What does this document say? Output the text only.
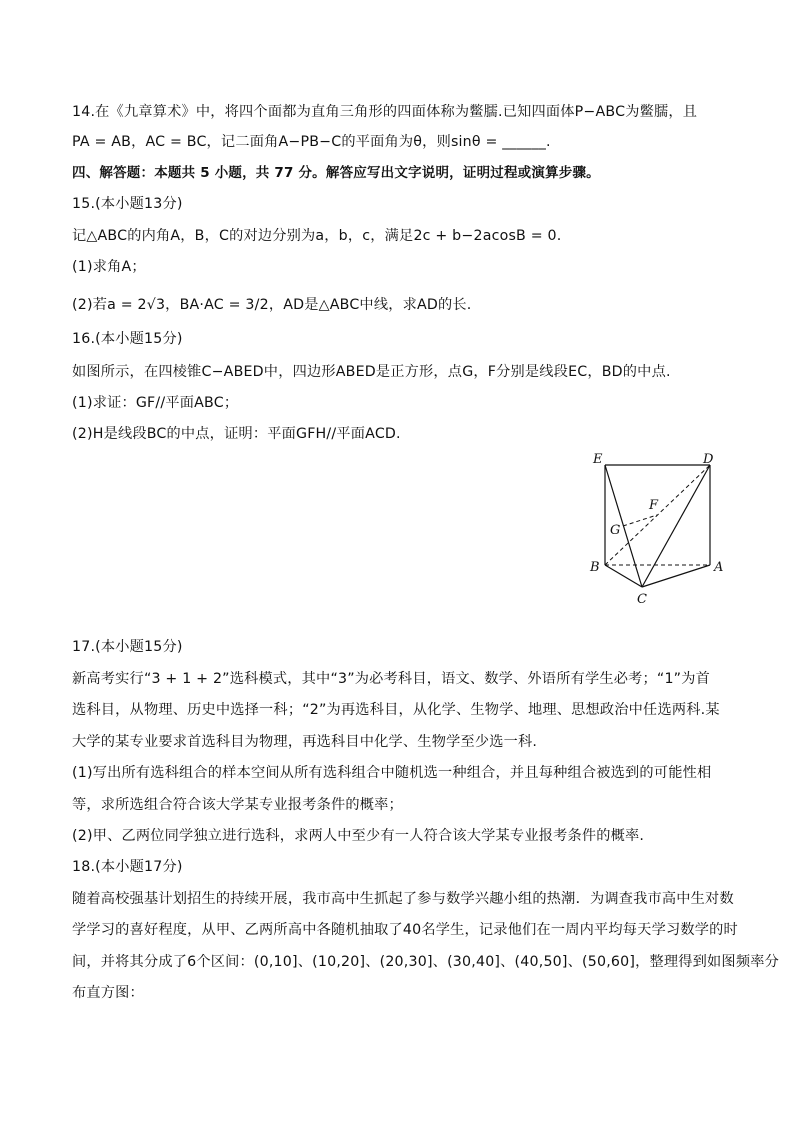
14.在《九章算术》中，将四个面都为直角三角形的四面体称为鳖臑.已知四面体P−ABC为鳖臑，且
PA = AB，AC = BC，记二面角A−PB−C的平面角为θ，则sinθ = ______.
四、解答题：本题共 5 小题，共 77 分。解答应写出文字说明，证明过程或演算步骤。
15.(本小题13分)
记△ABC的内角A，B，C的对边分别为a，b，c，满足2c + b−2acosB = 0.
(1)求角A；
(2)若a = 2√3，BA·AC = 3/2，AD是△ABC中线，求AD的长.
16.(本小题15分)
如图所示，在四棱锥C−ABED中，四边形ABED是正方形，点G，F分别是线段EC，BD的中点.
(1)求证：GF//平面ABC；
(2)H是线段BC的中点，证明：平面GFH//平面ACD.
E	D
F
G
B	A
C
17.(本小题15分)
新高考实行“3 + 1 + 2”选科模式，其中“3”为必考科目，语文、数学、外语所有学生必考；“1”为首
选科目，从物理、历史中选择一科；“2”为再选科目，从化学、生物学、地理、思想政治中任选两科.某
大学的某专业要求首选科目为物理，再选科目中化学、生物学至少选一科.
(1)写出所有选科组合的样本空间从所有选科组合中随机选一种组合，并且每种组合被选到的可能性相
等，求所选组合符合该大学某专业报考条件的概率；
(2)甲、乙两位同学独立进行选科，求两人中至少有一人符合该大学某专业报考条件的概率.
18.(本小题17分)
随着高校强基计划招生的持续开展，我市高中生抓起了参与数学兴趣小组的热潮．为调查我市高中生对数
学学习的喜好程度，从甲、乙两所高中各随机抽取了40名学生，记录他们在一周内平均每天学习数学的时
间，并将其分成了6个区间：(0,10]、(10,20]、(20,30]、(30,40]、(40,50]、(50,60]，整理得到如图频率分
布直方图：
